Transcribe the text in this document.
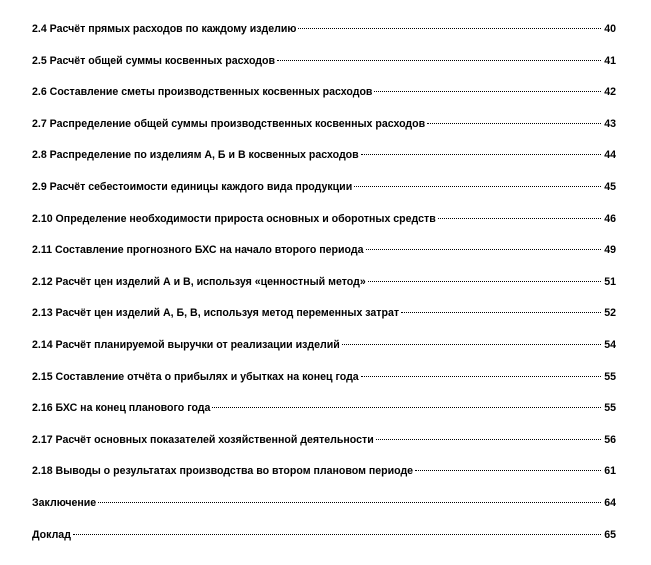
2.4 Расчёт прямых расходов по каждому изделию	40
2.5 Расчёт общей суммы косвенных расходов	41
2.6 Составление сметы производственных косвенных расходов	42
2.7 Распределение общей суммы производственных косвенных расходов	43
2.8 Распределение по изделиям А, Б и В косвенных расходов	44
2.9 Расчёт себестоимости единицы каждого вида продукции	45
2.10 Определение необходимости прироста основных и оборотных средств	46
2.11 Составление прогнозного БХС на начало второго периода	49
2.12 Расчёт цен изделий А и В, используя «ценностный метод»	51
2.13 Расчёт цен изделий А, Б, В, используя метод переменных затрат	52
2.14 Расчёт планируемой выручки от реализации изделий	54
2.15 Составление отчёта о прибылях и убытках на конец года	55
2.16 БХС на конец планового года	55
2.17 Расчёт основных показателей хозяйственной деятельности	56
2.18 Выводы о результатах производства во втором плановом периоде	61
Заключение	64
Доклад	65
